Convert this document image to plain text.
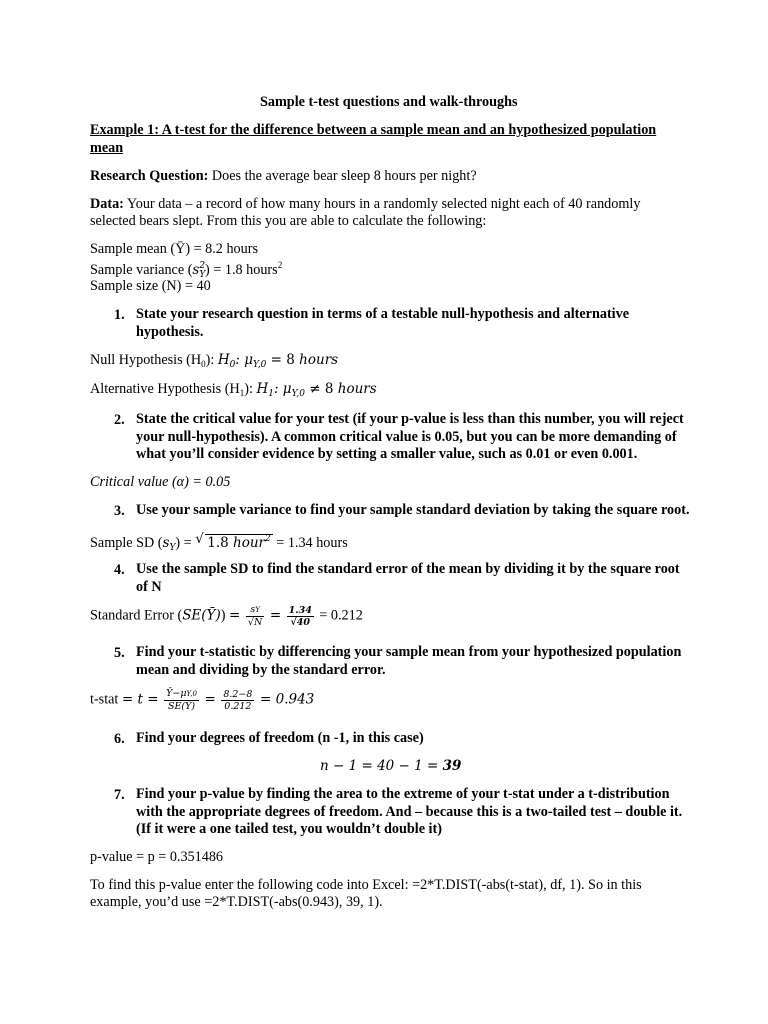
Sample t-test questions and walk-throughs
Example 1: A t-test for the difference between a sample mean and an hypothesized population
mean
Research Question: Does the average bear sleep 8 hours per night?
Data: Your data – a record of how many hours in a randomly selected night each of 40 randomly
selected bears slept. From this you are able to calculate the following:
Sample mean (Ȳ) = 8.2 hours
Sample variance $(s_Y^2) = 1.8$ hours$^2$
Sample size (N) = 40
1. State your research question in terms of a testable null-hypothesis and alternative
hypothesis.
Null Hypothesis $(H_0)$: $H_0$: $\mu_{Y,0} = 8$ hours
Alternative Hypothesis $(H_1)$: $H_1$: $\mu_{Y,0} \ne 8$ hours
2. State the critical value for your test (if your p-value is less than this number, you will reject
your null-hypothesis). A common critical value is 0.05, but you can be more demanding of
what you’ll consider evidence by setting a smaller value, such as 0.01 or even 0.001.
Critical value (α) = 0.05
3. Use your sample variance to find your sample standard deviation by taking the square root.
Sample SD $(s_Y)$ = √ 1.8 hour$^2$ = 1.34 hours
4. Use the sample SD to find the standard error of the mean by dividing it by the square root
of N
Standard Error (SE(Ȳ)) = $\frac{sY}{√N} = \frac{1.34}{√40} = 0.212$
5. Find your t-statistic by differencing your sample mean from your hypothesized population
mean and dividing by the standard error.
t-stat = $t = \frac{Ȳ-\mu Y,0}{SE(Ȳ)} = \frac{8.2-8}{0.212} = 0.943$
6. Find your degrees of freedom (n -1, in this case)
n − 1 = 40 − 1 = 39
7. Find your p-value by finding the area to the extreme of your t-stat under a t-distribution
with the appropriate degrees of freedom. And – because this is a two-tailed test – double it.
(If it were a one tailed test, you wouldn’t double it)
p-value = p = 0.351486
To find this p-value enter the following code into Excel: =2*T.DIST(-abs(t-stat), df, 1). So in this
example, you’d use =2*T.DIST(-abs(0.943), 39, 1).
